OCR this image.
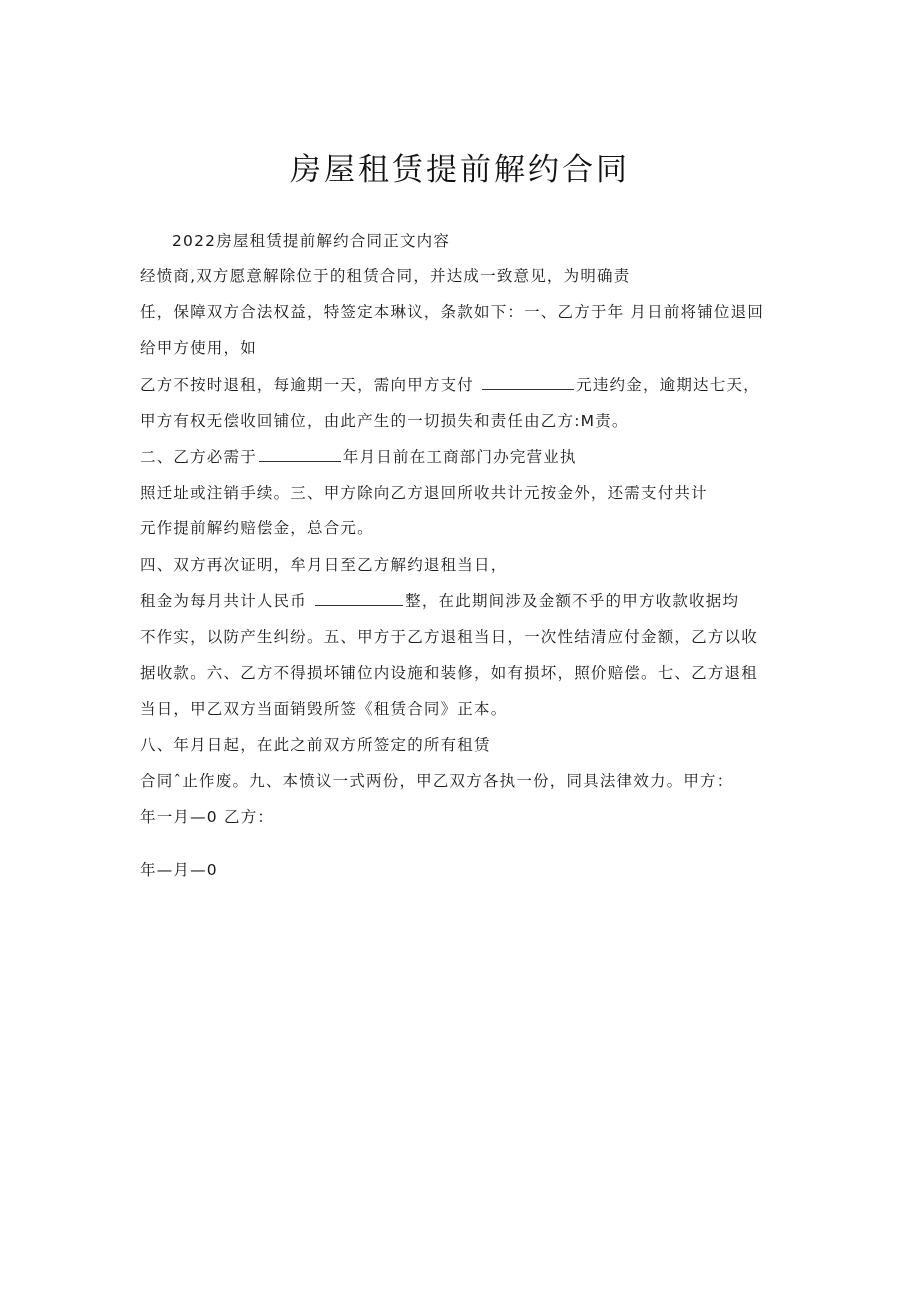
房屋租赁提前解约合同
2022房屋租赁提前解约合同正文内容
经愤商,双方愿意解除位于的租赁合同，并达成一致意见，为明确责
任，保障双方合法权益，特签定本琳议，条款如下：一、乙方于年 月日前将铺位退回
给甲方使用，如
乙方不按时退租，每逾期一天，需向甲方支付	元违约金，逾期达七天，
甲方有权无偿收回铺位，由此产生的一切损失和责任由乙方:M责。
二、乙方必需于	年月日前在工商部门办完营业执
照迁址或注销手续。三、甲方除向乙方退回所收共计元按金外，还需支付共计
元作提前解约赔偿金，总合元。
四、双方再次证明，牟月日至乙方解约退租当日，
租金为每月共计人民币	整，在此期间涉及金额不乎的甲方收款收据均
不作实，以防产生纠纷。五、甲方于乙方退租当日，一次性结清应付金额，乙方以收
据收款。六、乙方不得损坏铺位内设施和装修，如有损坏，照价赔偿。七、乙方退租
当日，甲乙双方当面销毁所签《租赁合同》正本。
八、年月日起，在此之前双方所签定的所有租赁
合同ˆ止作废。九、本愤议一式两份，甲乙双方各执一份，同具法律效力。甲方：
年一月—0 乙方：
年—月—0
